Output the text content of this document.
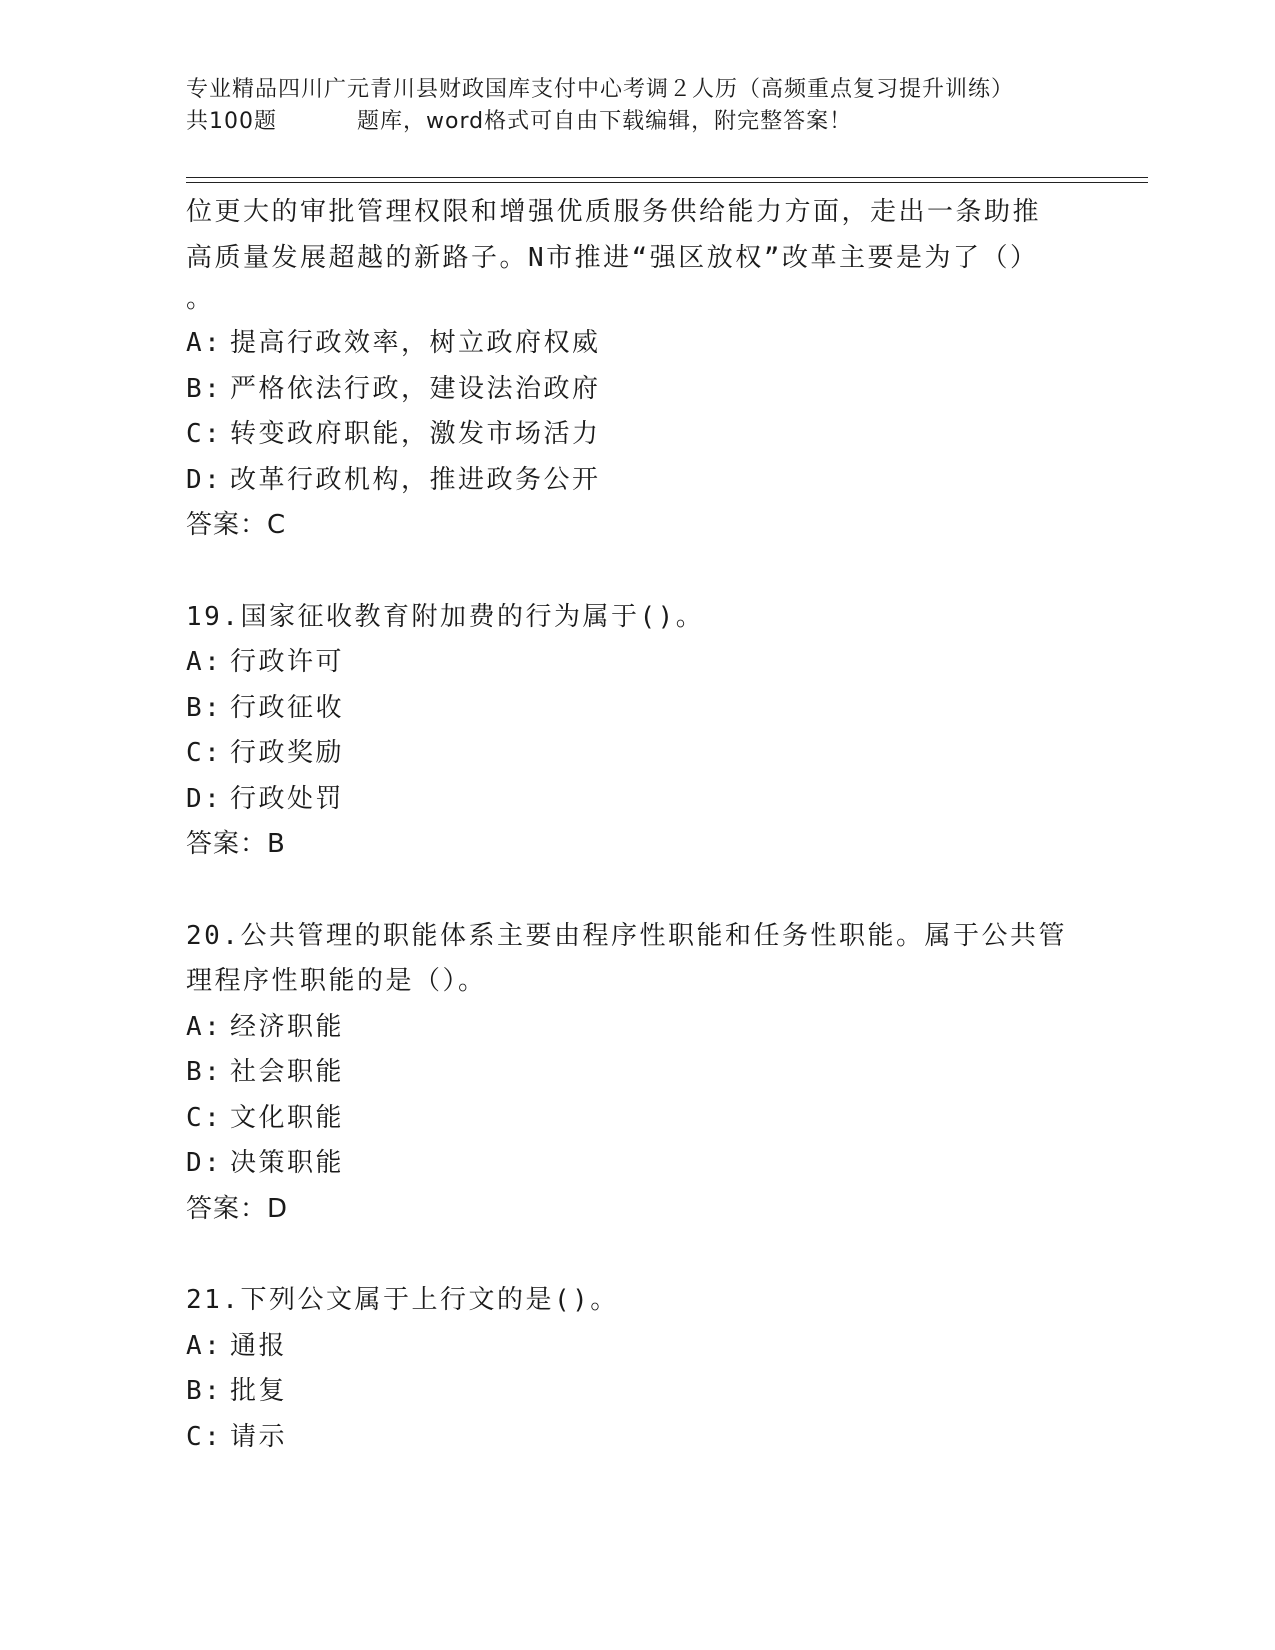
专业精品四川广元青川县财政国库支付中心考调２人历（高频重点复习提升训练）
共100题	题库，word格式可自由下载编辑，附完整答案！
位更大的审批管理权限和增强优质服务供给能力方面，走出一条助推
高质量发展超越的新路子。N市推进“强区放权”改革主要是为了（）
。
A: 提高行政效率，树立政府权威
B: 严格依法行政，建设法治政府
C: 转变政府职能，激发市场活力
D: 改革行政机构，推进政务公开
答案：C
19.国家征收教育附加费的行为属于()。
A: 行政许可
B: 行政征收
C: 行政奖励
D: 行政处罚
答案：B
20.公共管理的职能体系主要由程序性职能和任务性职能。属于公共管
理程序性职能的是（）。
A: 经济职能
B: 社会职能
C: 文化职能
D: 决策职能
答案：D
21.下列公文属于上行文的是()。
A: 通报
B: 批复
C: 请示
